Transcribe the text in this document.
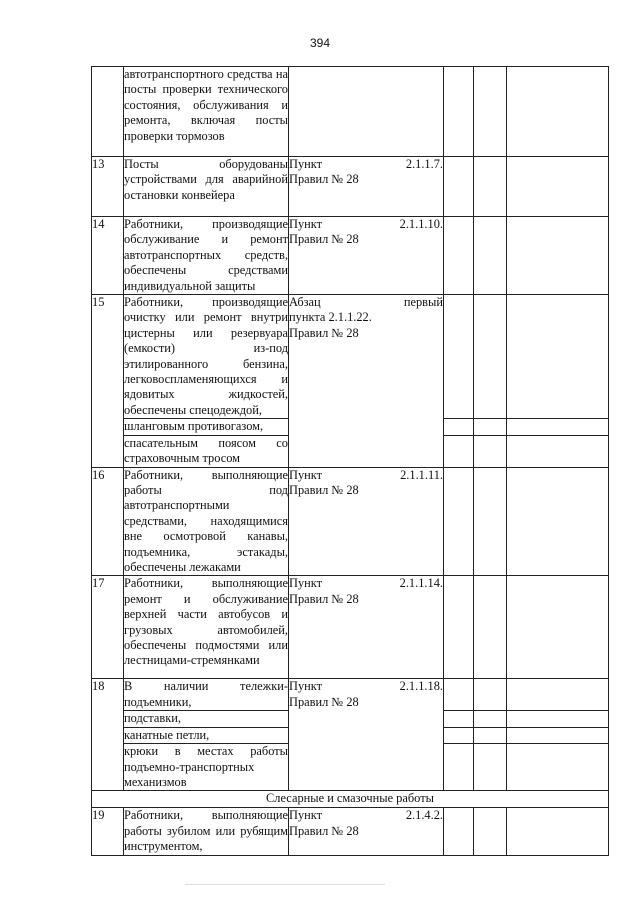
394
	автотранспортного средства на посты проверки технического состояния, обслуживания и ремонта, включая посты проверки тормозов				
13	Посты оборудованы устройствами для аварийной остановки конвейера	Пункт 2.1.1.7.
Правил № 28			

14	Работники, производящие обслуживание и ремонт автотранспортных средств, обеспечены средствами индивидуальной защиты	Пункт 2.1.1.10.
Правил № 28			

15	Работники, производящие очистку или ремонт внутри цистерны или резервуара (емкости) из-под этилированного бензина, легковоспламеняющихся и ядовитых жидкостей, обеспечены спецодеждой,	Абзац первый
пункта 2.1.1.22.
Правил № 28			

	шланговым противогазом,				
	спасательным поясом со страховочным тросом				
16	Работники, выполняющие работы под автотранспортными средствами, находящимися вне осмотровой канавы, подъемника, эстакады, обеспечены лежаками	Пункт 2.1.1.11.
Правил № 28			

17	Работники, выполняющие ремонт и обслуживание верхней части автобусов и грузовых автомобилей, обеспечены подмостями или лестницами-стремянками	Пункт 2.1.1.14.
Правил № 28			

18	В наличии тележки-подъемники,	Пункт 2.1.1.18.
Правил № 28			

	подставки,				
	канатные петли,				
	крюки в местах работы подъемно-транспортных механизмов				
Слесарные и смазочные работы					
19	Работники, выполняющие работы зубилом или рубящим инструментом,	Пункт 2.1.4.2.
Правил № 28			
